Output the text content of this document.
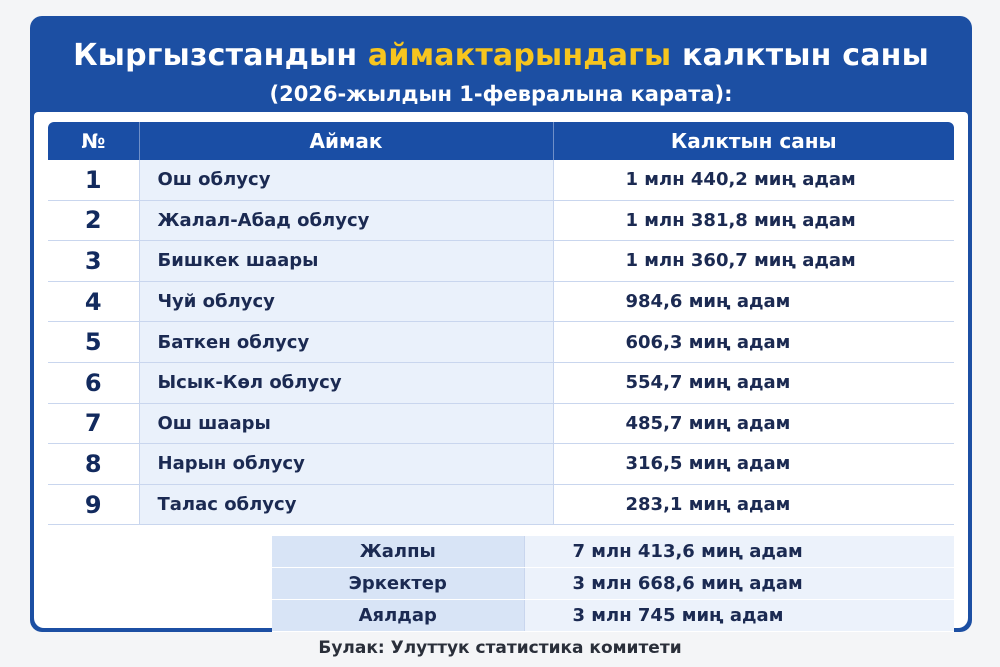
Кыргызстандын аймактарындагы калктын саны
(2026-жылдын 1-февралына карата):
№	Аймак	Калктын саны
1	Ош облусу	1 млн 440,2 миң адам
2	Жалал-Абад облусу	1 млн 381,8 миң адам
3	Бишкек шаары	1 млн 360,7 миң адам
4	Чуй облусу	984,6 миң адам
5	Баткен облусу	606,3 миң адам
6	Ысык-Көл облусу	554,7 миң адам
7	Ош шаары	485,7 миң адам
8	Нарын облусу	316,5 миң адам
9	Талас облусу	283,1 миң адам
Жалпы	7 млн 413,6 миң адам
Эркектер	3 млн 668,6 миң адам
Аялдар	3 млн 745 миң адам
Булак: Улуттук статистика комитети
